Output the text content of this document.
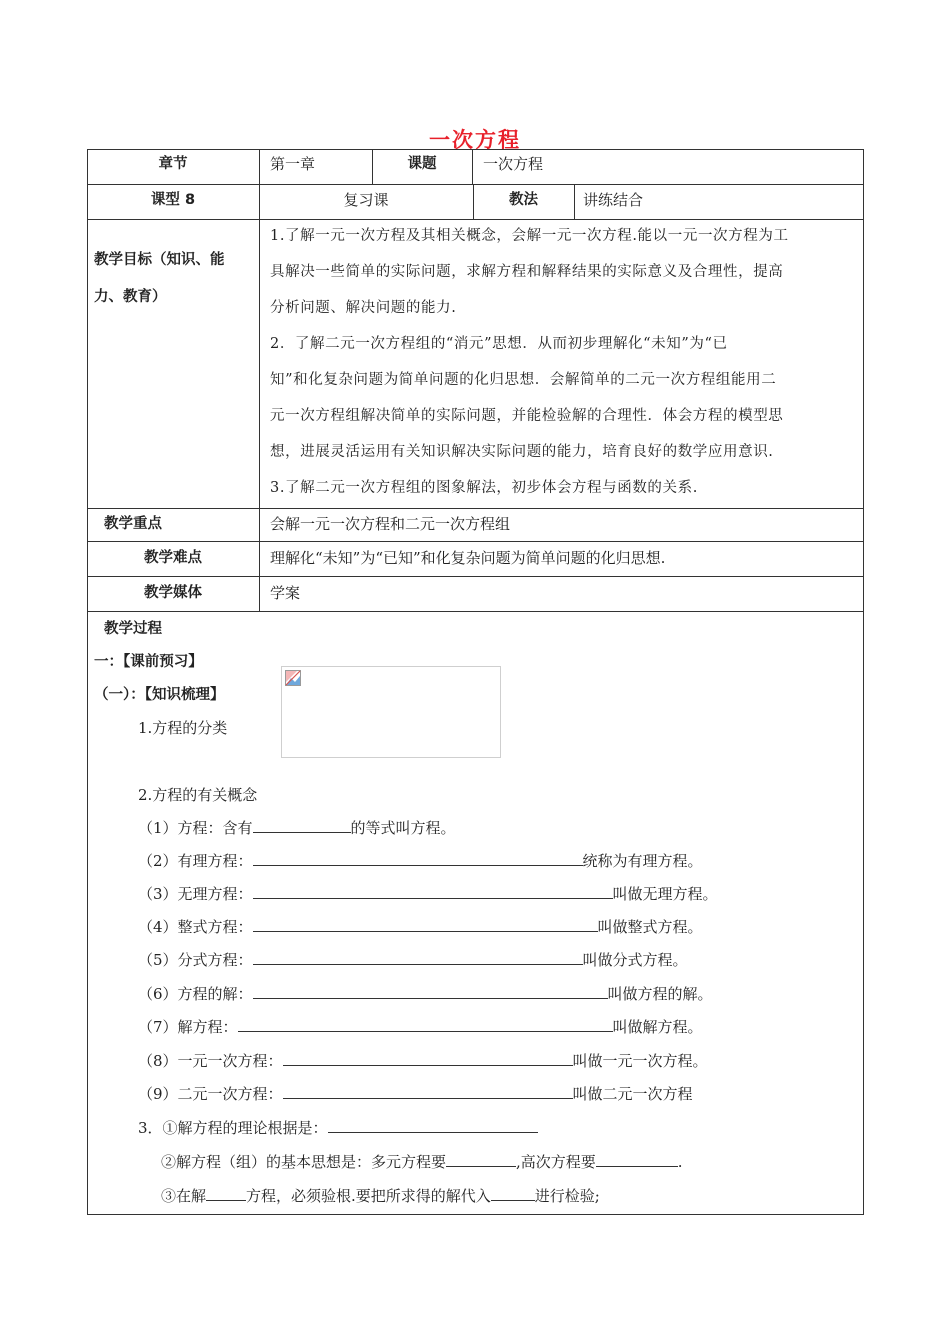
一次方程
章节	第一章	课题	一次方程
课型 8	复习课	教法	讲练结合
教学目标（知识、能
力、教育）
1.了解一元一次方程及其相关概念，会解一元一次方程.能以一元一次方程为工
具解决一些简单的实际问题，求解方程和解释结果的实际意义及合理性，提高
分析问题、解决问题的能力.
2．了解二元一次方程组的“消元”思想．从而初步理解化“未知”为“已
知”和化复杂问题为简单问题的化归思想．会解简单的二元一次方程组能用二
元一次方程组解决简单的实际问题，并能检验解的合理性．体会方程的模型思
想，进展灵活运用有关知识解决实际问题的能力，培育良好的数学应用意识.
3.了解二元一次方程组的图象解法，初步体会方程与函数的关系.
教学重点	会解一元一次方程和二元一次方程组
教学难点	理解化“未知”为“已知”和化复杂问题为简单问题的化归思想.
教学媒体	学案
教学过程
一：【课前预习】
（一）：【知识梳理】
1.方程的分类
2.方程的有关概念
（1）方程：含有	的等式叫方程。
（2）有理方程：	统称为有理方程。
（3）无理方程：	叫做无理方程。
（4）整式方程：	叫做整式方程。
（5）分式方程：	叫做分式方程。
（6）方程的解：	叫做方程的解。
（7）解方程：	叫做解方程。
（8）一元一次方程：	叫做一元一次方程。
（9）二元一次方程：	叫做二元一次方程
3．①解方程的理论根据是：
②解方程（组）的基本思想是：多元方程要	,高次方程要	.
③在解	方程，必须验根.要把所求得的解代入	进行检验;
